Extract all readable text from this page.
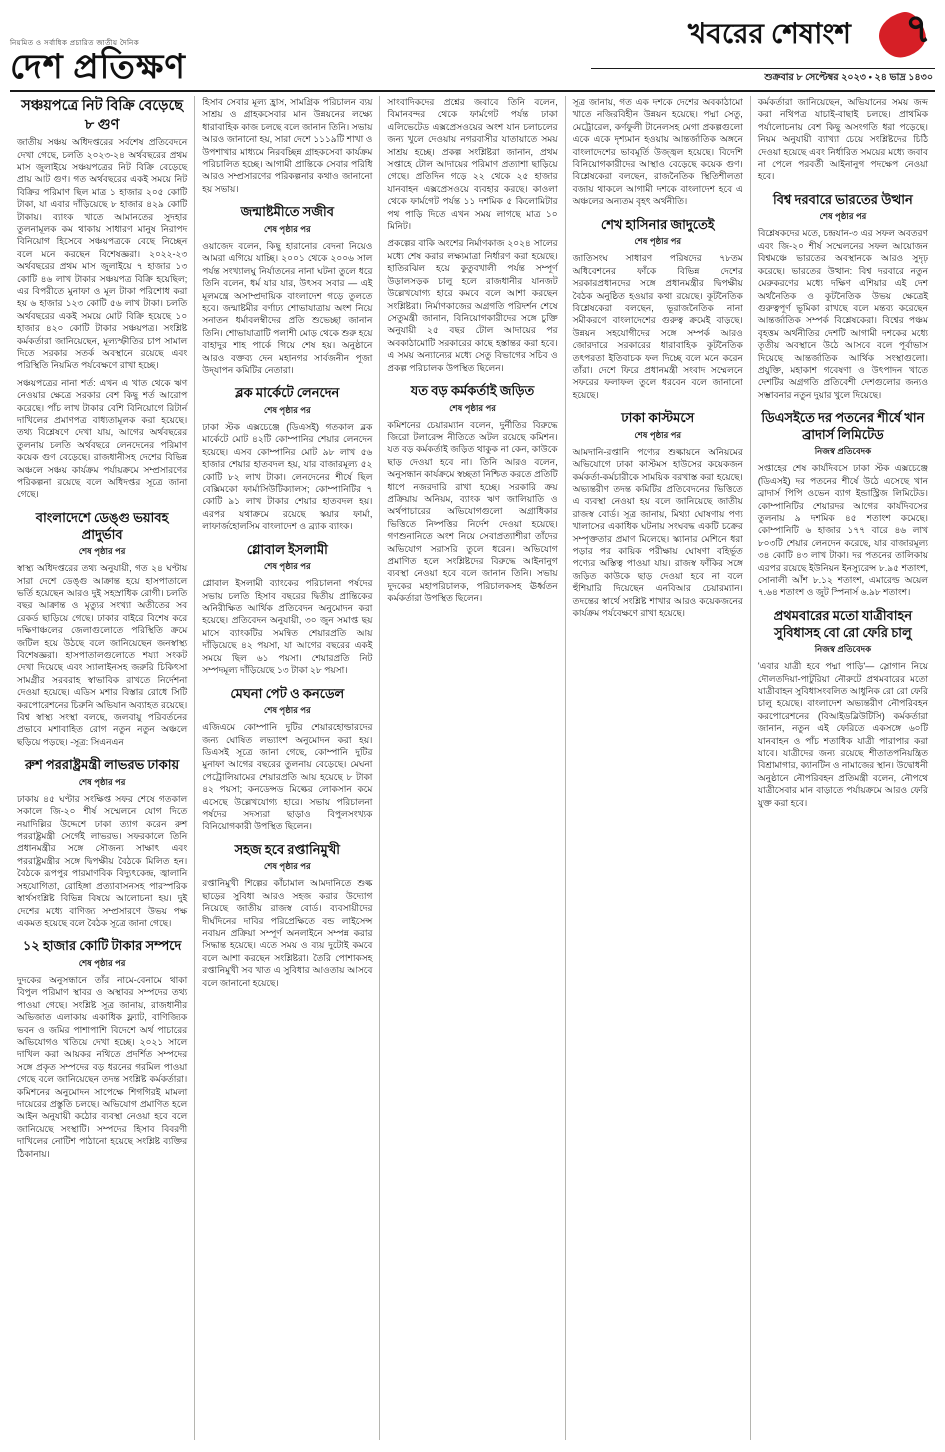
নিয়মিত ও সর্বাধিক প্রচারিত জাতীয় দৈনিক
দেশ প্রতিক্ষণ
খবরের শেষাংশ ৭
শুক্রবার ৮ সেপ্টেম্বর ২০২৩ • ২৪ ভাদ্র ১৪৩০
সঞ্চয়পত্রে নিট বিক্রি বেড়েছে ৮ গুণ

জাতীয় সঞ্চয় অধিদপ্তরের সর্বশেষ প্রতিবেদনে দেখা গেছে, চলতি ২০২৩-২৪ অর্থবছরের প্রথম মাস জুলাইয়ে সঞ্চয়পত্রের নিট বিক্রি বেড়েছে প্রায় আট গুণ। গত অর্থবছরের একই সময়ে নিট বিক্রির পরিমাণ ছিল মাত্র ১ হাজার ২০৫ কোটি টাকা, যা এবার দাঁড়িয়েছে ৮ হাজার ৪২৯ কোটি টাকায়। ব্যাংক খাতে আমানতের সুদহার তুলনামূলক কম থাকায় সাধারণ মানুষ নিরাপদ বিনিয়োগ হিসেবে সঞ্চয়পত্রকে বেছে নিচ্ছেন বলে মনে করছেন বিশেষজ্ঞরা। ২০২২-২৩ অর্থবছরের প্রথম মাস জুলাইয়ে ৭ হাজার ১৩ কোটি ৪৬ লাখ টাকার সঞ্চয়পত্র বিক্রি হয়েছিল; এর বিপরীতে মুনাফা ও মূল টাকা পরিশোধ করা হয় ৬ হাজার ১২৩ কোটি ৫৬ লাখ টাকা। চলতি অর্থবছরের একই সময়ে মোট বিক্রি হয়েছে ১০ হাজার ৪২০ কোটি টাকার সঞ্চয়পত্র। সংশ্লিষ্ট কর্মকর্তারা জানিয়েছেন, মূল্যস্ফীতির চাপ সামাল দিতে সরকার সতর্ক অবস্থানে রয়েছে এবং পরিস্থিতি নিয়মিত পর্যবেক্ষণে রাখা হচ্ছে।

সঞ্চয়পত্রের নানা শর্ত: এখন এ খাত থেকে ঋণ নেওয়ার ক্ষেত্রে সরকার বেশ কিছু শর্ত আরোপ করেছে। পাঁচ লাখ টাকার বেশি বিনিয়োগে রিটার্ন দাখিলের প্রমাণপত্র বাধ্যতামূলক করা হয়েছে। তথ্য বিশ্লেষণে দেখা যায়, আগের অর্থবছরের তুলনায় চলতি অর্থবছরে লেনদেনের পরিমাণ কয়েক গুণ বেড়েছে। রাজধানীসহ দেশের বিভিন্ন অঞ্চলে সঞ্চয় কার্যক্রম পর্যায়ক্রমে সম্প্রসারণের পরিকল্পনা রয়েছে বলে অধিদপ্তর সূত্রে জানা গেছে।

বাংলাদেশে ডেঙ্গু ভয়াবহ প্রাদুর্ভাব
শেষ পৃষ্ঠার পর

স্বাস্থ্য অধিদপ্তরের তথ্য অনুযায়ী, গত ২৪ ঘণ্টায় সারা দেশে ডেঙ্গু আক্রান্ত হয়ে হাসপাতালে ভর্তি হয়েছেন আরও দুই সহস্রাধিক রোগী। চলতি বছর আক্রান্ত ও মৃত্যুর সংখ্যা অতীতের সব রেকর্ড ছাড়িয়ে গেছে। ঢাকার বাইরে বিশেষ করে দক্ষিণাঞ্চলের জেলাগুলোতে পরিস্থিতি ক্রমে জটিল হয়ে উঠছে বলে জানিয়েছেন জনস্বাস্থ্য বিশেষজ্ঞরা। হাসপাতালগুলোতে শয্যা সংকট দেখা দিয়েছে এবং স্যালাইনসহ জরুরি চিকিৎসা সামগ্রীর সরবরাহ স্বাভাবিক রাখতে নির্দেশনা দেওয়া হয়েছে। এডিস মশার বিস্তার রোধে সিটি করপোরেশনের চিরুনি অভিযান অব্যাহত রয়েছে। বিশ্ব স্বাস্থ্য সংস্থা বলছে, জলবায়ু পরিবর্তনের প্রভাবে মশাবাহিত রোগ নতুন নতুন অঞ্চলে ছড়িয়ে পড়ছে। -সূত্র: সিএনএন

রুশ পররাষ্ট্রমন্ত্রী লাভরভ ঢাকায়
শেষ পৃষ্ঠার পর

ঢাকায় ৪৫ ঘণ্টার সংক্ষিপ্ত সফর শেষে গতকাল সকালে জি-২০ শীর্ষ সম্মেলনে যোগ দিতে নয়াদিল্লির উদ্দেশে ঢাকা ত্যাগ করেন রুশ পররাষ্ট্রমন্ত্রী সের্গেই লাভরভ। সফরকালে তিনি প্রধানমন্ত্রীর সঙ্গে সৌজন্য সাক্ষাৎ এবং পররাষ্ট্রমন্ত্রীর সঙ্গে দ্বিপক্ষীয় বৈঠকে মিলিত হন। বৈঠকে রূপপুর পারমাণবিক বিদ্যুৎকেন্দ্র, জ্বালানি সহযোগিতা, রোহিঙ্গা প্রত্যাবাসনসহ পারস্পরিক স্বার্থসংশ্লিষ্ট বিভিন্ন বিষয়ে আলোচনা হয়। দুই দেশের মধ্যে বাণিজ্য সম্প্রসারণে উভয় পক্ষ একমত হয়েছে বলে বৈঠক সূত্রে জানা গেছে।

১২ হাজার কোটি টাকার সম্পদে
শেষ পৃষ্ঠার পর

দুদকের অনুসন্ধানে তাঁর নামে-বেনামে থাকা বিপুল পরিমাণ স্থাবর ও অস্থাবর সম্পদের তথ্য পাওয়া গেছে। সংশ্লিষ্ট সূত্র জানায়, রাজধানীর অভিজাত এলাকায় একাধিক ফ্ল্যাট, বাণিজ্যিক ভবন ও জমির পাশাপাশি বিদেশে অর্থ পাচারের অভিযোগও খতিয়ে দেখা হচ্ছে। ২০২১ সালে দাখিল করা আয়কর নথিতে প্রদর্শিত সম্পদের সঙ্গে প্রকৃত সম্পদের বড় ধরনের গরমিল পাওয়া গেছে বলে জানিয়েছেন তদন্ত সংশ্লিষ্ট কর্মকর্তারা। কমিশনের অনুমোদন সাপেক্ষে শিগগিরই মামলা দায়েরের প্রস্তুতি চলছে। অভিযোগ প্রমাণিত হলে আইন অনুযায়ী কঠোর ব্যবস্থা নেওয়া হবে বলে জানিয়েছে সংস্থাটি। সম্পদের হিসাব বিবরণী দাখিলের নোটিশ পাঠানো হয়েছে সংশ্লিষ্ট ব্যক্তির ঠিকানায়।

হিসাব সেবার মূল্য হ্রাস, সামগ্রিক পরিচালন ব্যয় সাশ্রয় ও গ্রাহকসেবার মান উন্নয়নের লক্ষ্যে ধারাবাহিক কাজ চলছে বলে জানান তিনি। সভায় আরও জানানো হয়, সারা দেশে ১১১৯টি শাখা ও উপশাখার মাধ্যমে নিরবচ্ছিন্ন গ্রাহকসেবা কার্যক্রম পরিচালিত হচ্ছে। আগামী প্রান্তিকে সেবার পরিধি আরও সম্প্রসারণের পরিকল্পনার কথাও জানানো হয় সভায়।

জন্মাষ্টমীতে সজীব
শেষ পৃষ্ঠার পর

ওয়াজেদ বলেন, কিছু হারানোর বেদনা নিয়েও আমরা এগিয়ে যাচ্ছি। ২০০১ থেকে ২০০৬ সাল পর্যন্ত সংখ্যালঘু নির্যাতনের নানা ঘটনা তুলে ধরে তিনি বলেন, ধর্ম যার যার, উৎসব সবার — এই মূলমন্ত্রে অসাম্প্রদায়িক বাংলাদেশ গড়ে তুলতে হবে। জন্মাষ্টমীর বর্ণাঢ্য শোভাযাত্রায় অংশ নিয়ে সনাতন ধর্মাবলম্বীদের প্রতি শুভেচ্ছা জানান তিনি। শোভাযাত্রাটি পলাশী মোড় থেকে শুরু হয়ে বাহাদুর শাহ পার্কে গিয়ে শেষ হয়। অনুষ্ঠানে আরও বক্তব্য দেন মহানগর সার্বজনীন পূজা উদ্‌যাপন কমিটির নেতারা।

ব্লক মার্কেটে লেনদেন
শেষ পৃষ্ঠার পর

ঢাকা স্টক এক্সচেঞ্জে (ডিএসই) গতকাল ব্লক মার্কেটে মোট ৪২টি কোম্পানির শেয়ার লেনদেন হয়েছে। এসব কোম্পানির মোট ৯৮ লাখ ৫৬ হাজার শেয়ার হাতবদল হয়, যার বাজারমূল্য ৫২ কোটি ৮২ লাখ টাকা। লেনদেনের শীর্ষে ছিল বেক্সিমকো ফার্মাসিউটিক্যালস; কোম্পানিটির ৭ কোটি ৯১ লাখ টাকার শেয়ার হাতবদল হয়। এরপর যথাক্রমে রয়েছে স্কয়ার ফার্মা, লাফার্জহোলসিম বাংলাদেশ ও ব্র্যাক ব্যাংক।

গ্লোবাল ইসলামী
শেষ পৃষ্ঠার পর

গ্লোবাল ইসলামী ব্যাংকের পরিচালনা পর্ষদের সভায় চলতি হিসাব বছরের দ্বিতীয় প্রান্তিকের অনিরীক্ষিত আর্থিক প্রতিবেদন অনুমোদন করা হয়েছে। প্রতিবেদন অনুযায়ী, ৩০ জুন সমাপ্ত ছয় মাসে ব্যাংকটির সমন্বিত শেয়ারপ্রতি আয় দাঁড়িয়েছে ৪২ পয়সা, যা আগের বছরের একই সময়ে ছিল ৬১ পয়সা। শেয়ারপ্রতি নিট সম্পদমূল্য দাঁড়িয়েছে ১৩ টাকা ২৮ পয়সা।

মেঘনা পেট ও কনডেল
শেষ পৃষ্ঠার পর

এজিএমে কোম্পানি দুটির শেয়ারহোল্ডারদের জন্য ঘোষিত লভ্যাংশ অনুমোদন করা হয়। ডিএসই সূত্রে জানা গেছে, কোম্পানি দুটির মুনাফা আগের বছরের তুলনায় বেড়েছে। মেঘনা পেট্রোলিয়ামের শেয়ারপ্রতি আয় হয়েছে ৮ টাকা ৪২ পয়সা; কনডেন্সড মিল্কের লোকসান কমে এসেছে উল্লেখযোগ্য হারে। সভায় পরিচালনা পর্ষদের সদস্যরা ছাড়াও বিপুলসংখ্যক বিনিয়োগকারী উপস্থিত ছিলেন।

সহজ হবে রপ্তানিমুখী
শেষ পৃষ্ঠার পর

রপ্তানিমুখী শিল্পের কাঁচামাল আমদানিতে শুল্ক ছাড়ের সুবিধা আরও সহজ করার উদ্যোগ নিয়েছে জাতীয় রাজস্ব বোর্ড। ব্যবসায়ীদের দীর্ঘদিনের দাবির পরিপ্রেক্ষিতে বন্ড লাইসেন্স নবায়ন প্রক্রিয়া সম্পূর্ণ অনলাইনে সম্পন্ন করার সিদ্ধান্ত হয়েছে। এতে সময় ও ব্যয় দুটোই কমবে বলে আশা করছেন সংশ্লিষ্টরা। তৈরি পোশাকসহ রপ্তানিমুখী সব খাত এ সুবিধার আওতায় আসবে বলে জানানো হয়েছে।

সাংবাদিকদের প্রশ্নের জবাবে তিনি বলেন, বিমানবন্দর থেকে ফার্মগেট পর্যন্ত ঢাকা এলিভেটেড এক্সপ্রেসওয়ের অংশ যান চলাচলের জন্য খুলে দেওয়ায় নগরবাসীর যাতায়াতে সময় সাশ্রয় হচ্ছে। প্রকল্প সংশ্লিষ্টরা জানান, প্রথম সপ্তাহে টোল আদায়ের পরিমাণ প্রত্যাশা ছাড়িয়ে গেছে। প্রতিদিন গড়ে ২২ থেকে ২৫ হাজার যানবাহন এক্সপ্রেসওয়ে ব্যবহার করছে। কাওলা থেকে ফার্মগেট পর্যন্ত ১১ দশমিক ৫ কিলোমিটার পথ পাড়ি দিতে এখন সময় লাগছে মাত্র ১০ মিনিট।

প্রকল্পের বাকি অংশের নির্মাণকাজ ২০২৪ সালের মধ্যে শেষ করার লক্ষ্যমাত্রা নির্ধারণ করা হয়েছে। হাতিরঝিল হয়ে কুতুবখালী পর্যন্ত সম্পূর্ণ উড়ালসড়ক চালু হলে রাজধানীর যানজট উল্লেখযোগ্য হারে কমবে বলে আশা করছেন সংশ্লিষ্টরা। নির্মাণকাজের অগ্রগতি পরিদর্শন শেষে সেতুমন্ত্রী জানান, বিনিয়োগকারীদের সঙ্গে চুক্তি অনুযায়ী ২৫ বছর টোল আদায়ের পর অবকাঠামোটি সরকারের কাছে হস্তান্তর করা হবে। এ সময় অন্যান্যের মধ্যে সেতু বিভাগের সচিব ও প্রকল্প পরিচালক উপস্থিত ছিলেন।

যত বড় কর্মকর্তাই জড়িত
শেষ পৃষ্ঠার পর

কমিশনের চেয়ারম্যান বলেন, দুর্নীতির বিরুদ্ধে জিরো টলারেন্স নীতিতে অটল রয়েছে কমিশন। যত বড় কর্মকর্তাই জড়িত থাকুক না কেন, কাউকে ছাড় দেওয়া হবে না। তিনি আরও বলেন, অনুসন্ধান কার্যক্রমে স্বচ্ছতা নিশ্চিত করতে প্রতিটি ধাপে নজরদারি রাখা হচ্ছে। সরকারি ক্রয় প্রক্রিয়ায় অনিয়ম, ব্যাংক ঋণ জালিয়াতি ও অর্থপাচারের অভিযোগগুলো অগ্রাধিকার ভিত্তিতে নিষ্পত্তির নির্দেশ দেওয়া হয়েছে। গণশুনানিতে অংশ নিয়ে সেবাপ্রত্যাশীরা তাঁদের অভিযোগ সরাসরি তুলে ধরেন। অভিযোগ প্রমাণিত হলে সংশ্লিষ্টদের বিরুদ্ধে আইনানুগ ব্যবস্থা নেওয়া হবে বলে জানান তিনি। সভায় দুদকের মহাপরিচালক, পরিচালকসহ ঊর্ধ্বতন কর্মকর্তারা উপস্থিত ছিলেন।

সূত্র জানায়, গত এক দশকে দেশের অবকাঠামো খাতে নজিরবিহীন উন্নয়ন হয়েছে। পদ্মা সেতু, মেট্রোরেল, কর্ণফুলী টানেলসহ মেগা প্রকল্পগুলো একে একে দৃশ্যমান হওয়ায় আন্তর্জাতিক অঙ্গনে বাংলাদেশের ভাবমূর্তি উজ্জ্বল হয়েছে। বিদেশি বিনিয়োগকারীদের আস্থাও বেড়েছে কয়েক গুণ। বিশ্লেষকেরা বলছেন, রাজনৈতিক স্থিতিশীলতা বজায় থাকলে আগামী দশকে বাংলাদেশ হবে এ অঞ্চলের অন্যতম বৃহৎ অর্থনীতি।

শেখ হাসিনার জাদুতেই
শেষ পৃষ্ঠার পর

জাতিসংঘ সাধারণ পরিষদের ৭৮তম অধিবেশনের ফাঁকে বিভিন্ন দেশের সরকারপ্রধানদের সঙ্গে প্রধানমন্ত্রীর দ্বিপক্ষীয় বৈঠক অনুষ্ঠিত হওয়ার কথা রয়েছে। কূটনৈতিক বিশ্লেষকেরা বলছেন, ভূরাজনৈতিক নানা সমীকরণে বাংলাদেশের গুরুত্ব ক্রমেই বাড়ছে। উন্নয়ন সহযোগীদের সঙ্গে সম্পর্ক আরও জোরদারে সরকারের ধারাবাহিক কূটনৈতিক তৎপরতা ইতিবাচক ফল দিচ্ছে বলে মনে করেন তাঁরা। দেশে ফিরে প্রধানমন্ত্রী সংবাদ সম্মেলনে সফরের ফলাফল তুলে ধরবেন বলে জানানো হয়েছে।

ঢাকা কাস্টমসে
শেষ পৃষ্ঠার পর

আমদানি-রপ্তানি পণ্যের শুল্কায়নে অনিয়মের অভিযোগে ঢাকা কাস্টমস হাউসের কয়েকজন কর্মকর্তা-কর্মচারীকে সাময়িক বরখাস্ত করা হয়েছে। অভ্যন্তরীণ তদন্ত কমিটির প্রতিবেদনের ভিত্তিতে এ ব্যবস্থা নেওয়া হয় বলে জানিয়েছে জাতীয় রাজস্ব বোর্ড। সূত্র জানায়, মিথ্যা ঘোষণায় পণ্য খালাসের একাধিক ঘটনায় সংঘবদ্ধ একটি চক্রের সম্পৃক্ততার প্রমাণ মিলেছে। স্ক্যানার মেশিনে ধরা পড়ার পর কায়িক পরীক্ষায় ঘোষণা বহির্ভূত পণ্যের অস্তিত্ব পাওয়া যায়। রাজস্ব ফাঁকির সঙ্গে জড়িত কাউকে ছাড় দেওয়া হবে না বলে হুঁশিয়ারি দিয়েছেন এনবিআর চেয়ারম্যান। তদন্তের স্বার্থে সংশ্লিষ্ট শাখার আরও কয়েকজনের কার্যক্রম পর্যবেক্ষণে রাখা হয়েছে।

কর্মকর্তারা জানিয়েছেন, অভিযানের সময় জব্দ করা নথিপত্র যাচাই-বাছাই চলছে। প্রাথমিক পর্যালোচনায় বেশ কিছু অসংগতি ধরা পড়েছে। নিয়ম অনুযায়ী ব্যাখ্যা চেয়ে সংশ্লিষ্টদের চিঠি দেওয়া হয়েছে এবং নির্ধারিত সময়ের মধ্যে জবাব না পেলে পরবর্তী আইনানুগ পদক্ষেপ নেওয়া হবে।

বিশ্ব দরবারে ভারতের উত্থান
শেষ পৃষ্ঠার পর

বিশ্লেষকদের মতে, চন্দ্রযান-৩ এর সফল অবতরণ এবং জি-২০ শীর্ষ সম্মেলনের সফল আয়োজন বিশ্বমঞ্চে ভারতের অবস্থানকে আরও সুদৃঢ় করেছে। ভারতের উত্থান: বিশ্ব দরবারে নতুন মেরুকরণের মধ্যে দক্ষিণ এশিয়ার এই দেশ অর্থনৈতিক ও কূটনৈতিক উভয় ক্ষেত্রেই গুরুত্বপূর্ণ ভূমিকা রাখছে বলে মন্তব্য করেছেন আন্তর্জাতিক সম্পর্ক বিশ্লেষকেরা। বিশ্বের পঞ্চম বৃহত্তম অর্থনীতির দেশটি আগামী দশকের মধ্যে তৃতীয় অবস্থানে উঠে আসবে বলে পূর্বাভাস দিয়েছে আন্তর্জাতিক আর্থিক সংস্থাগুলো। প্রযুক্তি, মহাকাশ গবেষণা ও উৎপাদন খাতে দেশটির অগ্রগতি প্রতিবেশী দেশগুলোর জন্যও সম্ভাবনার নতুন দুয়ার খুলে দিয়েছে।

ডিএসইতে দর পতনের শীর্ষে খান ব্রাদার্স লিমিটেড
নিজস্ব প্রতিবেদক

সপ্তাহের শেষ কার্যদিবসে ঢাকা স্টক এক্সচেঞ্জে (ডিএসই) দর পতনের শীর্ষে উঠে এসেছে খান ব্রাদার্স পিপি ওভেন ব্যাগ ইন্ডাস্ট্রিজ লিমিটেড। কোম্পানিটির শেয়ারদর আগের কার্যদিবসের তুলনায় ৯ দশমিক ৪৫ শতাংশ কমেছে। কোম্পানিটি ৬ হাজার ১৭৭ বারে ৪৬ লাখ ৮০৩টি শেয়ার লেনদেন করেছে, যার বাজারমূল্য ৩৪ কোটি ৪৩ লাখ টাকা। দর পতনের তালিকায় এরপর রয়েছে ইউনিয়ন ইনস্যুরেন্স ৮.৯৫ শতাংশ, সোনালী আঁশ ৮.১২ শতাংশ, এমারেল্ড অয়েল ৭.৬৪ শতাংশ ও জুট স্পিনার্স ৬.৯৮ শতাংশ।

প্রথমবারের মতো যাত্রীবাহন সুবিধাসহ বো রো ফেরি চালু
নিজস্ব প্রতিবেদক

'এবার যাত্রী হবে পদ্মা পাড়ি'— স্লোগান নিয়ে দৌলতদিয়া-পাটুরিয়া নৌরুটে প্রথমবারের মতো যাত্রীবাহন সুবিধাসংবলিত আধুনিক রো রো ফেরি চালু হয়েছে। বাংলাদেশ অভ্যন্তরীণ নৌপরিবহন করপোরেশনের (বিআইডব্লিউটিসি) কর্মকর্তারা জানান, নতুন এই ফেরিতে একসঙ্গে ৬০টি যানবাহন ও পাঁচ শতাধিক যাত্রী পারাপার করা যাবে। যাত্রীদের জন্য রয়েছে শীতাতপনিয়ন্ত্রিত বিশ্রামাগার, ক্যানটিন ও নামাজের স্থান। উদ্বোধনী অনুষ্ঠানে নৌপরিবহন প্রতিমন্ত্রী বলেন, নৌপথে যাত্রীসেবার মান বাড়াতে পর্যায়ক্রমে আরও ফেরি যুক্ত করা হবে।
